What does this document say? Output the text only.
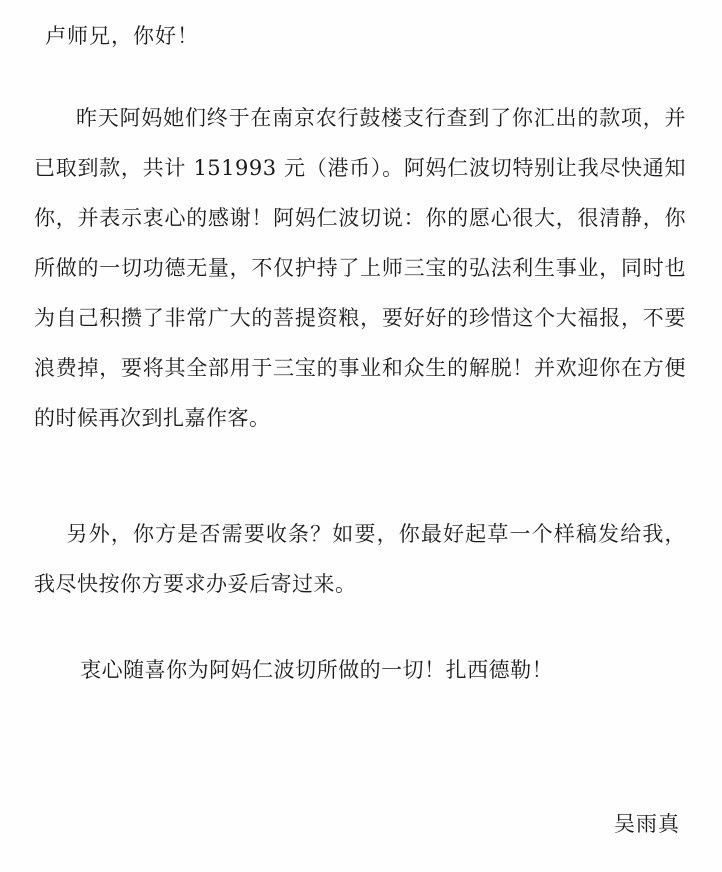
卢师兄，你好！

昨天阿妈她们终于在南京农行鼓楼支行查到了你汇出的款项，并已取到款，共计 151993 元（港币）。阿妈仁波切特别让我尽快通知你，并表示衷心的感谢！阿妈仁波切说：你的愿心很大，很清静，你所做的一切功德无量，不仅护持了上师三宝的弘法利生事业，同时也为自己积攒了非常广大的菩提资粮，要好好的珍惜这个大福报，不要浪费掉，要将其全部用于三宝的事业和众生的解脱！并欢迎你在方便的时候再次到扎嘉作客。

另外，你方是否需要收条？如要，你最好起草一个样稿发给我，我尽快按你方要求办妥后寄过来。

衷心随喜你为阿妈仁波切所做的一切！扎西德勒！

吴雨真
